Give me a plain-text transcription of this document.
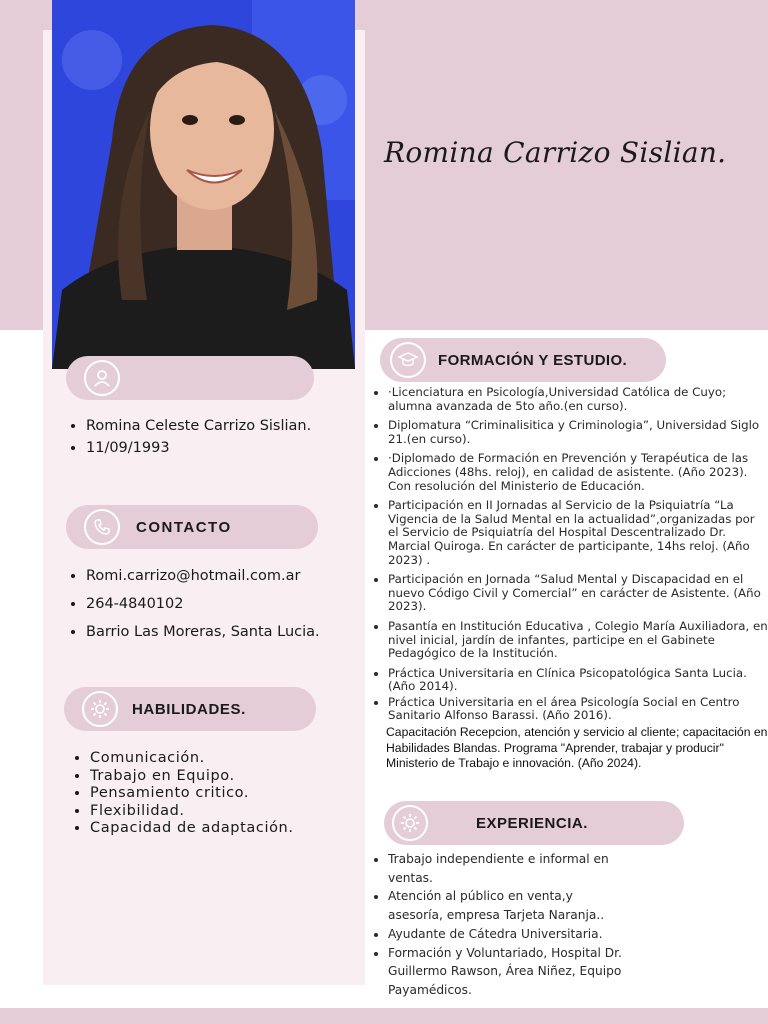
Romina Carrizo Sislian.
• Romina Celeste Carrizo Sislian.
• 11/09/1993
CONTACTO
• Romi.carrizo@hotmail.com.ar
• 264-4840102
• Barrio Las Moreras, Santa Lucia.
HABILIDADES.
• Comunicación.
• Trabajo en Equipo.
• Pensamiento critico.
• Flexibilidad.
• Capacidad de adaptación.
FORMACIÓN Y ESTUDIO.
• ·Licenciatura en Psicología,Universidad Católica de Cuyo; alumna avanzada de 5to año.(en curso).
• Diplomatura “Criminalisitica y Criminologia”, Universidad Siglo 21.(en curso).
• ·Diplomado de Formación en Prevención y Terapéutica de las Adicciones (48hs. reloj), en calidad de asistente. (Año 2023). Con resolución del Ministerio de Educación.
• Participación en II Jornadas al Servicio de la Psiquiatría “La Vigencia de la Salud Mental en la actualidad”,organizadas por el Servicio de Psiquiatría del Hospital Descentralizado Dr. Marcial Quiroga. En carácter de participante, 14hs reloj. (Año 2023) .
• Participación en Jornada “Salud Mental y Discapacidad en el nuevo Código Civil y Comercial” en carácter de Asistente. (Año 2023).
• Pasantía en Institución Educativa , Colegio María Auxiliadora, en nivel inicial, jardín de infantes, participe en el Gabinete Pedagógico de la Institución.
• Práctica Universitaria en Clínica Psicopatológica Santa Lucia. (Año 2014).
• Práctica Universitaria en el área Psicología Social en Centro Sanitario Alfonso Barassi. (Año 2016).
Capacitación Recepcion, atención y servicio al cliente; capacitación en Habilidades Blandas. Programa "Aprender, trabajar y producir" Ministerio de Trabajo e innovación. (Año 2024).
EXPERIENCIA.
• Trabajo independiente e informal en ventas.
• Atención al público en venta,y asesoría, empresa Tarjeta Naranja..
• Ayudante de Cátedra Universitaria.
• Formación y Voluntariado, Hospital Dr. Guillermo Rawson, Área Niñez, Equipo Payamédicos.
